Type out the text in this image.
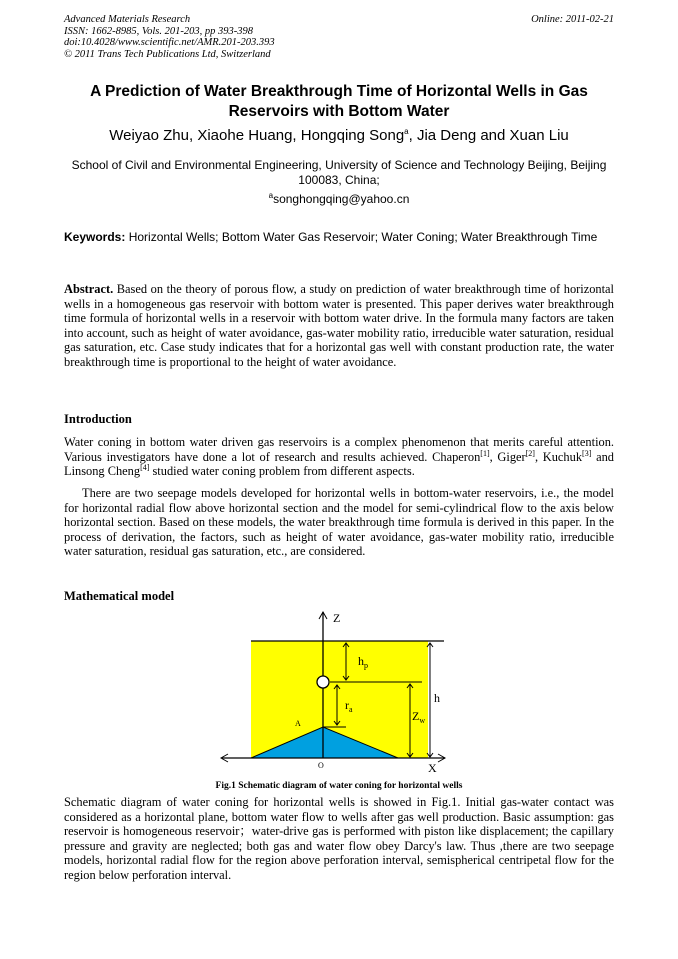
Advanced Materials Research
ISSN: 1662-8985, Vols. 201-203, pp 393-398
doi:10.4028/www.scientific.net/AMR.201-203.393
© 2011 Trans Tech Publications Ltd, Switzerland
Online: 2011-02-21
A Prediction of Water Breakthrough Time of Horizontal Wells in Gas Reservoirs with Bottom Water
Weiyao Zhu, Xiaohe Huang, Hongqing Song$^a$, Jia Deng and Xuan Liu
School of Civil and Environmental Engineering, University of Science and Technology Beijing, Beijing 100083, China;
$^a$songhongqing@yahoo.cn
Keywords: Horizontal Wells; Bottom Water Gas Reservoir; Water Coning; Water Breakthrough Time
Abstract. Based on the theory of porous flow, a study on prediction of water breakthrough time of horizontal wells in a homogeneous gas reservoir with bottom water is presented. This paper derives water breakthrough time formula of horizontal wells in a reservoir with bottom water drive. In the formula many factors are taken into account, such as height of water avoidance, gas-water mobility ratio, irreducible water saturation, residual gas saturation, etc. Case study indicates that for a horizontal gas well with constant production rate, the water breakthrough time is proportional to the height of water avoidance.
Introduction
Water coning in bottom water driven gas reservoirs is a complex phenomenon that merits careful attention. Various investigators have done a lot of research and results achieved. Chaperon[1], Giger[2], Kuchuk[3] and Linsong Cheng[4] studied water coning problem from different aspects.
There are two seepage models developed for horizontal wells in bottom-water reservoirs, i.e., the model for horizontal radial flow above horizontal section and the model for semi-cylindrical flow to the axis below horizontal section. Based on these models, the water breakthrough time formula is derived in this paper. In the process of derivation, the factors, such as height of water avoidance, gas-water mobility ratio, irreducible water saturation, residual gas saturation, etc., are considered.
Mathematical model
Z
X
O
A
h
$h_p$
$r_a$	$Z_w$
Fig.1 Schematic diagram of water coning for horizontal wells
Schematic diagram of water coning for horizontal wells is showed in Fig.1. Initial gas-water contact was considered as a horizontal plane, bottom water flow to wells after gas well production. Basic assumption: gas reservoir is homogeneous reservoir；water-drive gas is performed with piston like displacement; the capillary pressure and gravity are neglected; both gas and water flow obey Darcy's law. Thus ,there are two seepage models, horizontal radial flow for the region above perforation interval, semispherical centripetal flow for the region below perforation interval.
